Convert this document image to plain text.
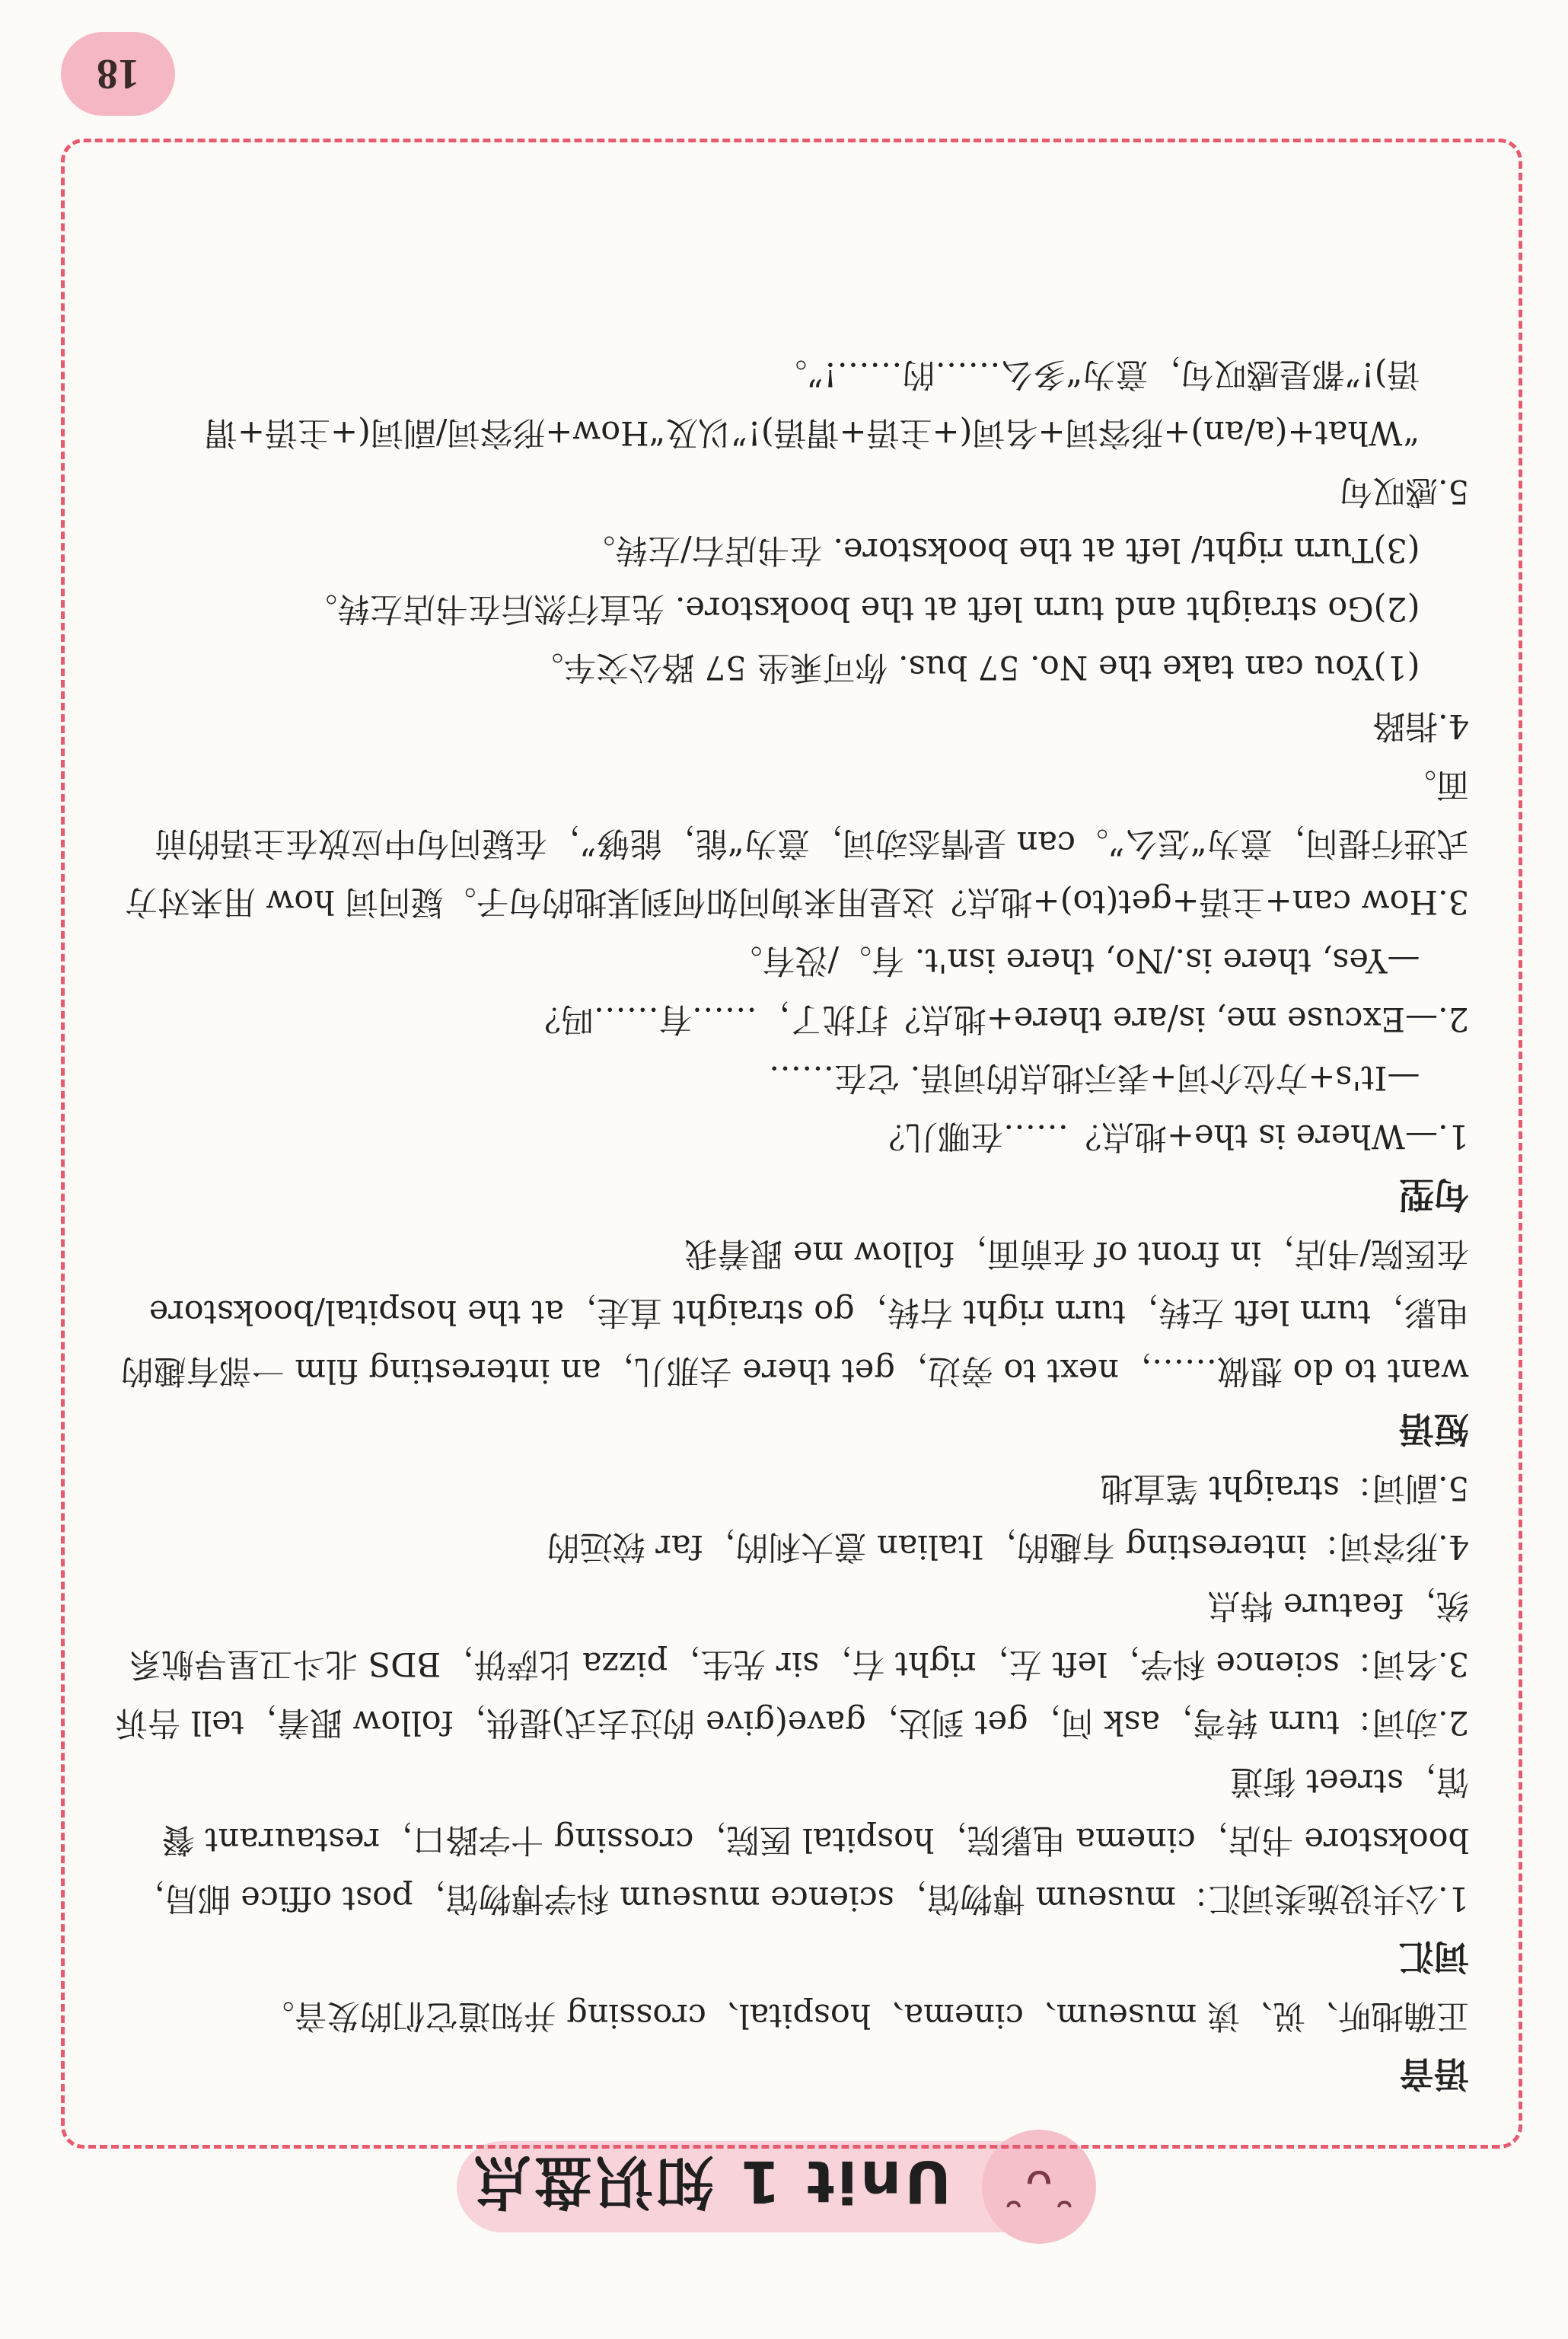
˘ᴗ˘
Unit 1 知识盘点

语音

正确地听、说、读 museum、cinema、hospital、crossing 并知道它们的发音。

词汇

1.公共设施类词汇：museum 博物馆，science museum 科学博物馆，post office 邮局，bookstore 书店，cinema 电影院，hospital 医院，crossing 十字路口，restaurant 餐馆，street 街道

2.动词：turn 转弯，ask 问，get 到达，gave(give 的过去式)提供，follow 跟着，tell 告诉

3.名词：science 科学，left 左，right 右，sir 先生，pizza 比萨饼，BDS 北斗卫星导航系统，feature 特点

4.形容词：interesting 有趣的，Italian 意大利的，far 较远的

5.副词：straight 笔直地

短语

want to do 想做……，next to 旁边，get there 去那儿，an interesting film 一部有趣的电影，turn left 左转，turn right 右转，go straight 直走，at the hospital/bookstore 在医院/书店，in front of 在前面，follow me 跟着我

句型

1.—Where is the+地点？……在哪儿？

—It's+方位介词+表示地点的词语. 它在……

2.—Excuse me, is/are there+地点？打扰了，……有……吗？

—Yes, there is./No, there isn't. 有。/没有。

3.How can+主语+get(to)+地点？这是用来询问如何到某地的句子。疑问词 how 用来对方式进行提问，意为“怎么”。can 是情态动词，意为“能，能够”，在疑问句中应放在主语的前面。

4.指路

(1)You can take the No. 57 bus. 你可乘坐 57 路公交车。

(2)Go straight and turn left at the bookstore. 先直行然后在书店左转。

(3)Turn right/ left at the bookstore. 在书店右/左转。

5.感叹句

“What+(a/an)+形容词+名词(+主语+谓语)!”以及“How+形容词/副词(+主语+谓语)!”都是感叹句，意为“多么……的……!”。

18
